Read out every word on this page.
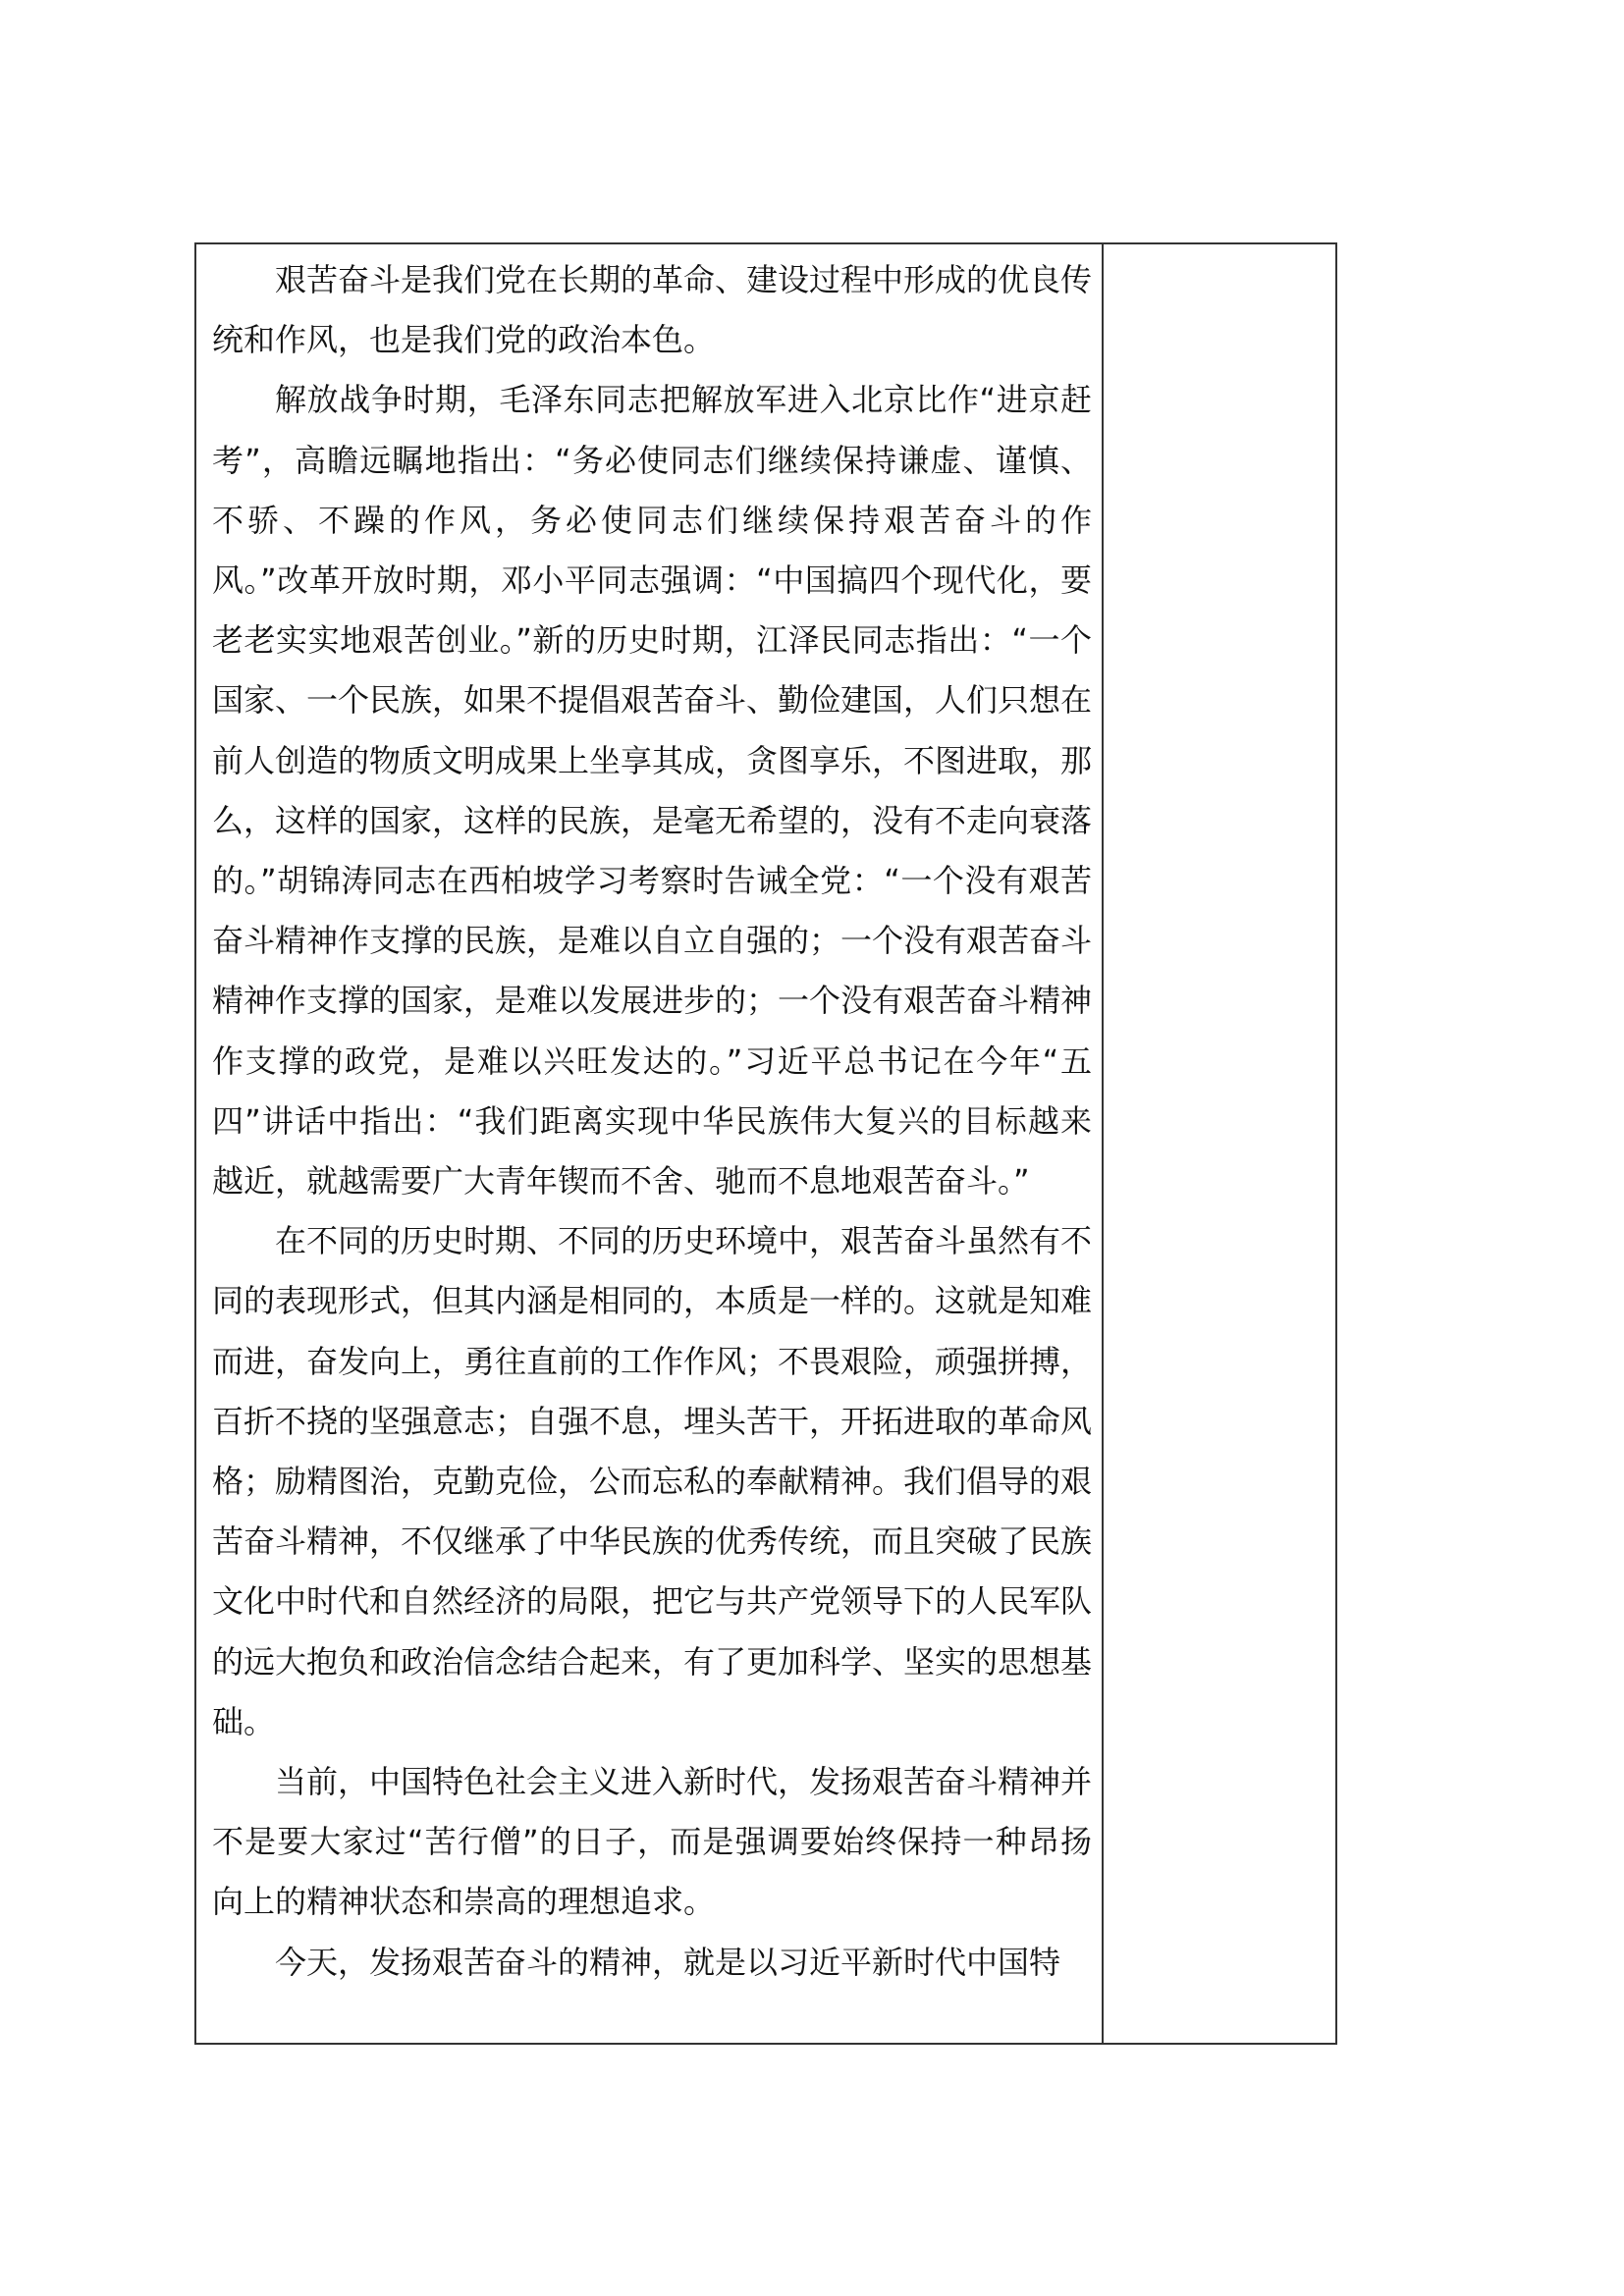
艰苦奋斗是我们党在长期的革命、建设过程中形成的优良传统和作风，也是我们党的政治本色。

解放战争时期，毛泽东同志把解放军进入北京比作“进京赶考”，高瞻远瞩地指出：“务必使同志们继续保持谦虚、谨慎、不骄、不躁的作风，务必使同志们继续保持艰苦奋斗的作风。”改革开放时期，邓小平同志强调：“中国搞四个现代化，要老老实实地艰苦创业。”新的历史时期，江泽民同志指出：“一个国家、一个民族，如果不提倡艰苦奋斗、勤俭建国，人们只想在前人创造的物质文明成果上坐享其成，贪图享乐，不图进取，那么，这样的国家，这样的民族，是毫无希望的，没有不走向衰落的。”胡锦涛同志在西柏坡学习考察时告诫全党：“一个没有艰苦奋斗精神作支撑的民族，是难以自立自强的；一个没有艰苦奋斗精神作支撑的国家，是难以发展进步的；一个没有艰苦奋斗精神作支撑的政党，是难以兴旺发达的。”习近平总书记在今年“五四”讲话中指出：“我们距离实现中华民族伟大复兴的目标越来越近，就越需要广大青年锲而不舍、驰而不息地艰苦奋斗。”

在不同的历史时期、不同的历史环境中，艰苦奋斗虽然有不同的表现形式，但其内涵是相同的，本质是一样的。这就是知难而进，奋发向上，勇往直前的工作作风；不畏艰险，顽强拼搏，百折不挠的坚强意志；自强不息，埋头苦干，开拓进取的革命风格；励精图治，克勤克俭，公而忘私的奉献精神。我们倡导的艰苦奋斗精神，不仅继承了中华民族的优秀传统，而且突破了民族文化中时代和自然经济的局限，把它与共产党领导下的人民军队的远大抱负和政治信念结合起来，有了更加科学、坚实的思想基础。

当前，中国特色社会主义进入新时代，发扬艰苦奋斗精神并不是要大家过“苦行僧”的日子，而是强调要始终保持一种昂扬向上的精神状态和崇高的理想追求。

今天，发扬艰苦奋斗的精神，就是以习近平新时代中国特
